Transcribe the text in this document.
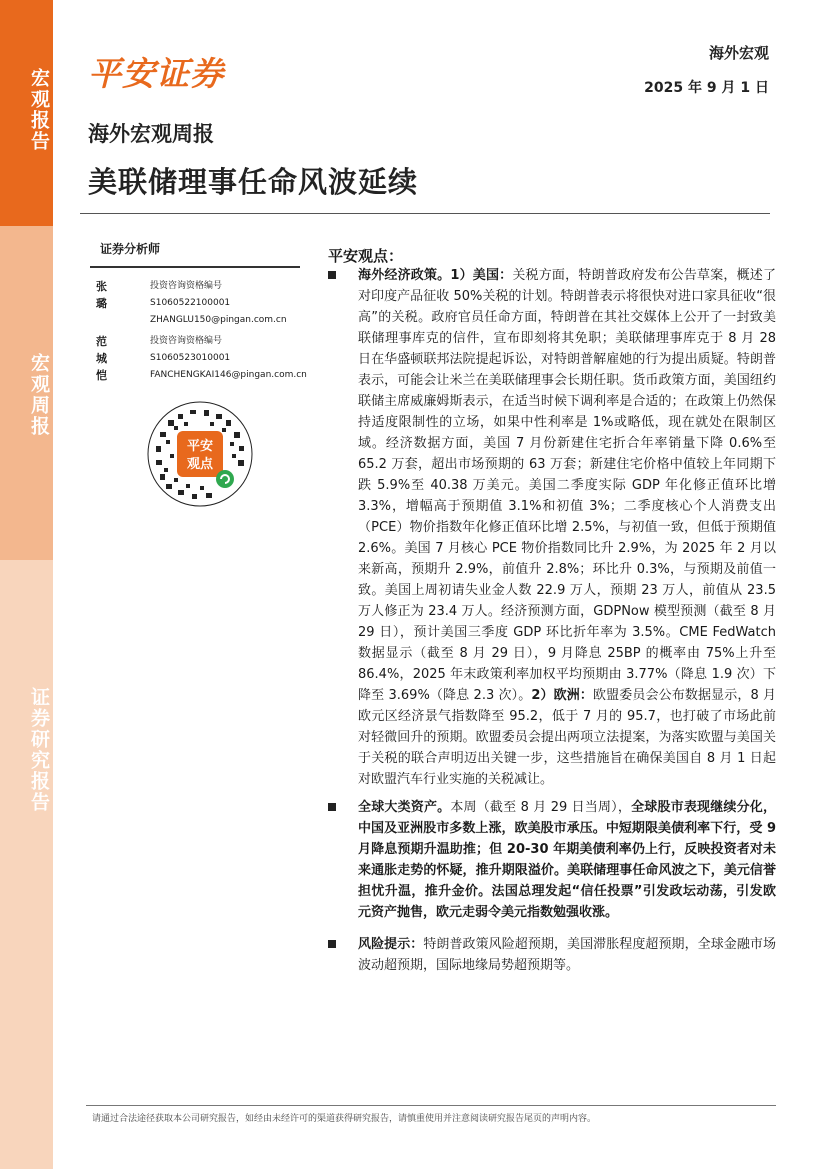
宏观报告
宏观周报
证券研究报告
平安证券
海外宏观
2025 年 9 月 1 日
海外宏观周报
美联储理事任命风波延续
证券分析师
张璐
投资咨询资格编号
S1060522100001
ZHANGLU150@pingan.com.cn
范城恺
投资咨询资格编号
S1060523010001
FANCHENGKAI146@pingan.com.cn
平安
观点
平安观点：
海外经济政策。1）美国：关税方面，特朗普政府发布公告草案，概述了对印度产品征收 50%关税的计划。特朗普表示将很快对进口家具征收“很高”的关税。政府官员任命方面，特朗普在其社交媒体上公开了一封致美联储理事库克的信件，宣布即刻将其免职；美联储理事库克于 8 月 28 日在华盛顿联邦法院提起诉讼，对特朗普解雇她的行为提出质疑。特朗普表示，可能会让米兰在美联储理事会长期任职。货币政策方面，美国纽约联储主席威廉姆斯表示，在适当时候下调利率是合适的；在政策上仍然保持适度限制性的立场，如果中性利率是 1%或略低，现在就处在限制区域。经济数据方面，美国 7 月份新建住宅折合年率销量下降 0.6%至 65.2 万套，超出市场预期的 63 万套；新建住宅价格中值较上年同期下跌 5.9%至 40.38 万美元。美国二季度实际 GDP 年化修正值环比增 3.3%，增幅高于预期值 3.1%和初值 3%；二季度核心个人消费支出（PCE）物价指数年化修正值环比增 2.5%，与初值一致，但低于预期值 2.6%。美国 7 月核心 PCE 物价指数同比升 2.9%，为 2025 年 2 月以来新高，预期升 2.9%，前值升 2.8%；环比升 0.3%，与预期及前值一致。美国上周初请失业金人数 22.9 万人，预期 23 万人，前值从 23.5 万人修正为 23.4 万人。经济预测方面，GDPNow 模型预测（截至 8 月 29 日），预计美国三季度 GDP 环比折年率为 3.5%。CME FedWatch 数据显示（截至 8 月 29 日），9 月降息 25BP 的概率由 75%上升至 86.4%，2025 年末政策利率加权平均预期由 3.77%（降息 1.9 次）下降至 3.69%（降息 2.3 次）。2）欧洲：欧盟委员会公布数据显示，8 月欧元区经济景气指数降至 95.2，低于 7 月的 95.7，也打破了市场此前对轻微回升的预期。欧盟委员会提出两项立法提案，为落实欧盟与美国关于关税的联合声明迈出关键一步，这些措施旨在确保美国自 8 月 1 日起对欧盟汽车行业实施的关税减让。
全球大类资产。本周（截至 8 月 29 日当周），全球股市表现继续分化，中国及亚洲股市多数上涨，欧美股市承压。中短期限美债利率下行，受 9 月降息预期升温助推；但 20-30 年期美债利率仍上行，反映投资者对未来通胀走势的怀疑，推升期限溢价。美联储理事任命风波之下，美元信誉担忧升温，推升金价。法国总理发起“信任投票”引发政坛动荡，引发欧元资产抛售，欧元走弱令美元指数勉强收涨。
风险提示：特朗普政策风险超预期，美国滞胀程度超预期，全球金融市场波动超预期，国际地缘局势超预期等。
请通过合法途径获取本公司研究报告，如经由未经许可的渠道获得研究报告，请慎重使用并注意阅读研究报告尾页的声明内容。
